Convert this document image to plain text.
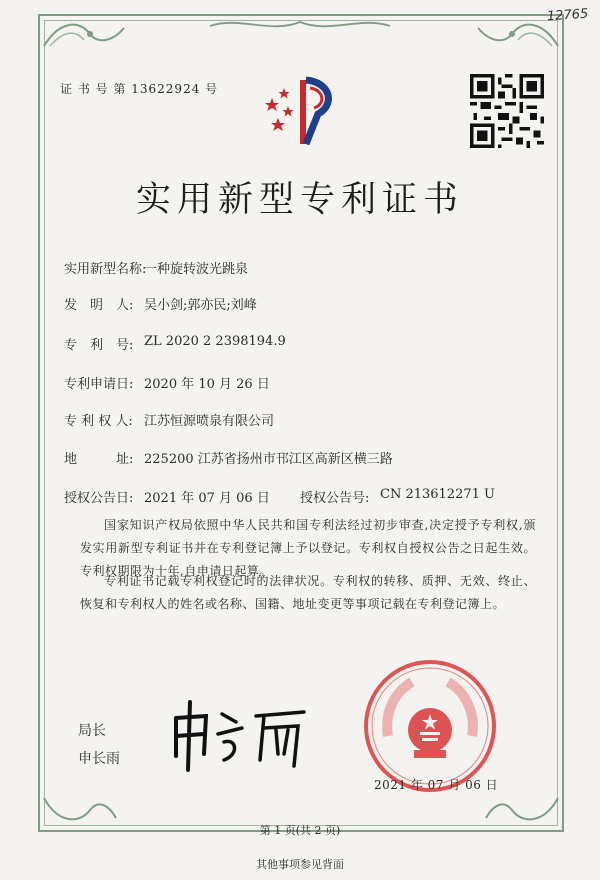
12765
证 书 号 第 13622924 号
实用新型专利证书
实用新型名称:
一种旋转波光跳泉
发　明　人: 吴小剑;郭亦民;刘峰
专　利　号: ZL 2020 2 2398194.9
专利申请日: 2020 年 10 月 26 日
专 利 权 人: 江苏恒源喷泉有限公司
地　　　址: 225200 江苏省扬州市邗江区高新区横三路
授权公告日: 2021 年 07 月 06 日 授权公告号: CN 213612271 U
国家知识产权局依照中华人民共和国专利法经过初步审查,决定授予专利权,颁发实用新型专利证书并在专利登记簿上予以登记。专利权自授权公告之日起生效。专利权期限为十年,自申请日起算。
专利证书记载专利权登记时的法律状况。专利权的转移、质押、无效、终止、恢复和专利权人的姓名或名称、国籍、地址变更等事项记载在专利登记簿上。
局长
申长雨
2021 年 07 月 06 日
第 1 页(共 2 页)
其他事项参见背面
